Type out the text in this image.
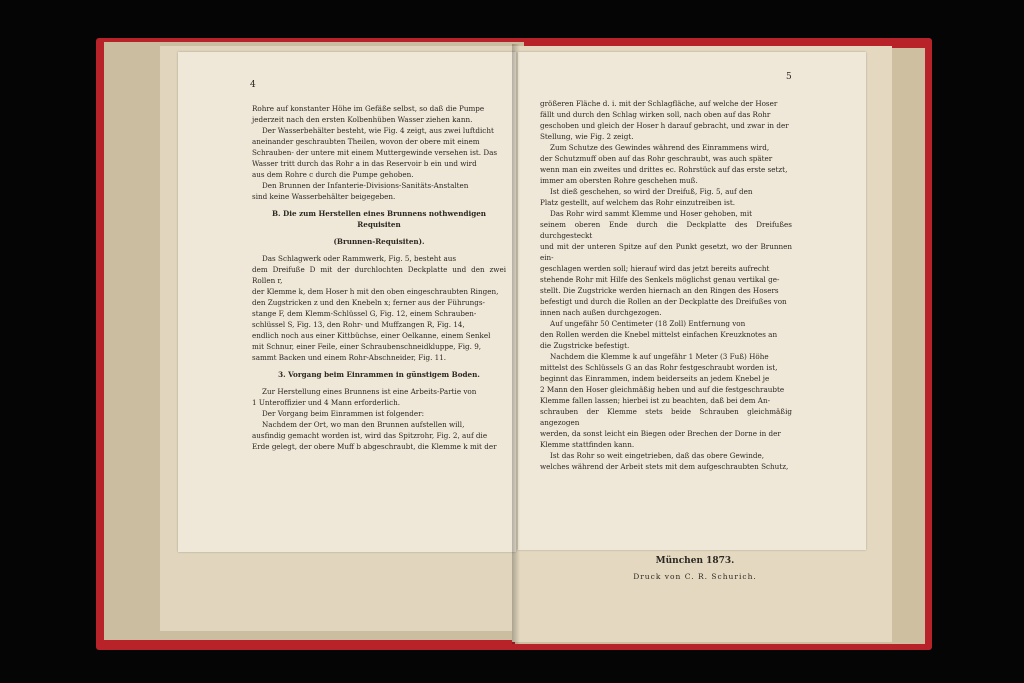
4
5

Rohre auf konstanter Höhe im Gefäße selbst, so daß die Pumpe

jederzeit nach den ersten Kolbenhüben Wasser ziehen kann.

Der Wasserbehälter besteht, wie Fig. 4 zeigt, aus zwei luftdicht

aneinander geschraubten Theilen, wovon der obere mit einem

Schrauben- der untere mit einem Muttergewinde versehen ist. Das

Wasser tritt durch das Rohr a in das Reservoir b ein und wird

aus dem Rohre c durch die Pumpe gehoben.

Den Brunnen der Infanterie-Divisions-Sanitäts-Anstalten

sind keine Wasserbehälter beigegeben.

B. Die zum Herstellen eines Brunnens nothwendigen Requisiten

(Brunnen-Requisiten).

Das Schlagwerk oder Rammwerk, Fig. 5, besteht aus

dem Dreifuße D mit der durchlochten Deckplatte und den zwei Rollen r,

der Klemme k, dem Hoser h mit den oben eingeschraubten Ringen,

den Zugstricken z und den Knebeln x; ferner aus der Führungs-

stange F, dem Klemm-Schlüssel G, Fig. 12, einem Schrauben-

schlüssel S, Fig. 13, den Rohr- und Muffzangen R, Fig. 14,

endlich noch aus einer Kittbüchse, einer Oelkanne, einem Senkel

mit Schnur, einer Feile, einer Schraubenschneidkluppe, Fig. 9,

sammt Backen und einem Rohr-Abschneider, Fig. 11.

3. Vorgang beim Einrammen in günstigem Boden.

Zur Herstellung eines Brunnens ist eine Arbeits-Partie von

1 Unteroffizier und 4 Mann erforderlich.

Der Vorgang beim Einrammen ist folgender:

Nachdem der Ort, wo man den Brunnen aufstellen will,

ausfindig gemacht worden ist, wird das Spitzrohr, Fig. 2, auf die

Erde gelegt, der obere Muff b abgeschraubt, die Klemme k mit der

größeren Fläche d. i. mit der Schlagfläche, auf welche der Hoser

fällt und durch den Schlag wirken soll, nach oben auf das Rohr

geschoben und gleich der Hoser h darauf gebracht, und zwar in der

Stellung, wie Fig. 2 zeigt.

Zum Schutze des Gewindes während des Einrammens wird,

der Schutzmuff oben auf das Rohr geschraubt, was auch später

wenn man ein zweites und drittes ec. Rohrstück auf das erste setzt,

immer am obersten Rohre geschehen muß.

Ist dieß geschehen, so wird der Dreifuß, Fig. 5, auf den

Platz gestellt, auf welchem das Rohr einzutreiben ist.

Das Rohr wird sammt Klemme und Hoser gehoben, mit

seinem oberen Ende durch die Deckplatte des Dreifußes durchgesteckt

und mit der unteren Spitze auf den Punkt gesetzt, wo der Brunnen ein-

geschlagen werden soll; hierauf wird das jetzt bereits aufrecht

stehende Rohr mit Hilfe des Senkels möglichst genau vertikal ge-

stellt. Die Zugstricke werden hiernach an den Ringen des Hosers

befestigt und durch die Rollen an der Deckplatte des Dreifußes von

innen nach außen durchgezogen.

Auf ungefähr 50 Centimeter (18 Zoll) Entfernung von

den Rollen werden die Knebel mittelst einfachen Kreuzknotes an

die Zugstricke befestigt.

Nachdem die Klemme k auf ungefähr 1 Meter (3 Fuß) Höhe

mittelst des Schlüssels G an das Rohr festgeschraubt worden ist,

beginnt das Einrammen, indem beiderseits an jedem Knebel je

2 Mann den Hoser gleichmäßig heben und auf die festgeschraubte

Klemme fallen lassen; hierbei ist zu beachten, daß bei dem An-

schrauben der Klemme stets beide Schrauben gleichmäßig angezogen

werden, da sonst leicht ein Biegen oder Brechen der Dorne in der

Klemme stattfinden kann.

Ist das Rohr so weit eingetrieben, daß das obere Gewinde,

welches während der Arbeit stets mit dem aufgeschraubten Schutz,

München 1873.
Druck von C. R. Schurich.
